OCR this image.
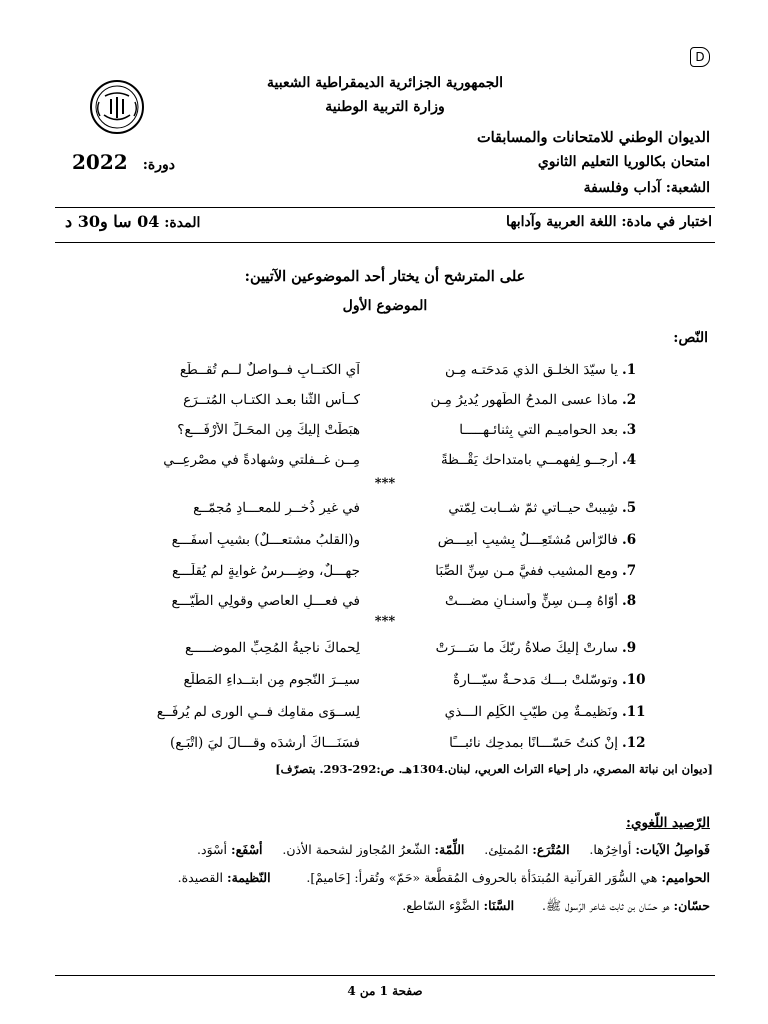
D
الجمهورية الجزائرية الديمقراطية الشعبية
وزارة التربية الوطنية
الديوان الوطني للامتحانات والمسابقات
امتحان بكالوريا التعليم الثانوي
الشعبة: آداب وفلسفة
2022 دورة:
اختبار في مادة: اللغة العربية وآدابها
المدة: 04 سا و30 د
على المترشح أن يختار أحد الموضوعين الآتيين:
الموضوع الأول
النّص:
1.
يا سيّدَ الخلـقِ الذي مَدحَتـه مِـن
آيِ الكتــابِ فــواصلٌ لــم تُقــطَعِ
2.
ماذا عسى المدحُ الطّهور يُديرُ مِـن
كــأسِ الثّنا بعـد الكتـاب المُتــرَعِ
3.
بعد الحواميـمِ التي بِثنائـهـــــا
هبَطَتْ إليكَ مِن المحَـلِّ الأرْفَـــعِ؟
4.
أرجــو لِفهمــي بامتداحك يَقْــظةً
مِــن غــفلتي وشهادةً في مصْرعِــي
5.
شِيبتْ حيــاتي ثمّ شــابت لِمّتي
في غيرِ ذُخــرٍ للمعـــادِ مُجمّــعِ
6.
فالرّأس مُشتَعِـــلٌ بِشيبٍ أبيـــض
و(القلبُ مشتعـــلٌ) بشيبٍ أسفَـــعِ
7.
ومع المشيب ففيَّ مـن سِنِّ الصِّبَا
جهـــلٌ، وضِـــرسُ غوايةٍ لم يُقلَـــعِ
8.
أوّاهُ مِــن سِنٍّ وأسنـانٍ مضـــتْ
في فعـــلِ العاصي وقولِي الطَّيّـــعِ
9.
سارتْ إليكَ صلاةُ ربّكَ ما سَـــرَتْ
لِحماكَ ناجيةُ المُحِبِّ الموضـــــعِ
10.
وتوسّلتْ بـــك مَدحـةٌ سيّـــارةٌ
سيــرَ النّجومِ مِن ابتــداءِ المَطلَعِ
11.
ونَظيمـةٌ مِن طيّبِ الكَلِمِ الـــذي
لِســوَى مقامِك فــي الورى لم يُرفَــعِ
12.
إنْ كنتُ حَسّـــانًا بمدحِك نائبـــًا
فسَنَـــاكَ أرشدَه وقـــالَ ليَ (اتْبَـعِ)
***
***
[ديوان ابن نباتة المصري، دار إحياء التراث العربي، لبنان.1304هـ. ص:292-293. بتصرّف]
الرّصيد اللّغوي:
فَواصِلُ الآيات: أواخِرُها.     المُتْرَع: المُمتلِئ.     اللِّمّة: الشّعرُ المُجاوز لشحمة الأذن.     أسْفَع: أسْوَد.
الحواميم: هي السُّوَر القرآنية المُبتدَأة بالحروف المُقطَّعة «حَمّ» وتُقرأ: [حَاميمْ].         النّظيمة: القصيدة.
حسّان: هو حسّان بن ثابت شاعر الرّسول ﷺ.       السَّنَا: الضَّوْء السّاطع.
صفحة 1 من 4
